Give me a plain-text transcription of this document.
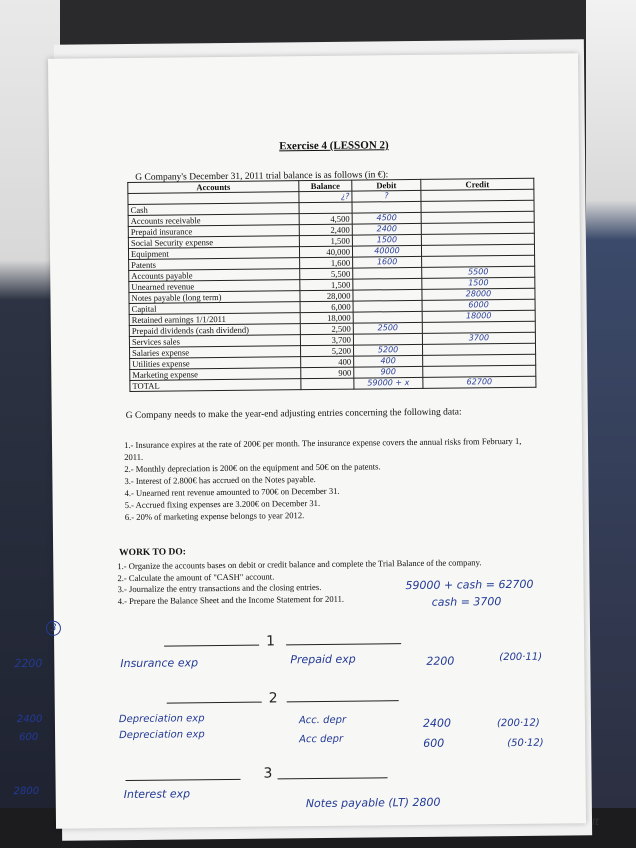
Exercise 4 (LESSON 2)
G Company's December 31, 2011 trial balance is as follows (in €):
Accounts	Balance	Debit	Credit
	¿?	?	
Cash			
Accounts receivable	4,500	4500	
Prepaid insurance	2,400	2400	
Social Security expense	1,500	1500	
Equipment	40,000	40000	
Patents	1,600	1600	
Accounts payable	5,500		5500
Unearned revenue	1,500		1500
Notes payable (long term)	28,000		28000
Capital	6,000		6000
Retained earnings 1/1/2011	18,000		18000
Prepaid dividends (cash dividend)	2,500	2500	
Services sales	3,700		3700
Salaries expense	5,200	5200	
Utilities expense	400	400	
Marketing expense	900	900	
TOTAL		59000 + x	62700
G Company needs to make the year-end adjusting entries concerning the following data:
1.- Insurance expires at the rate of 200€ per month. The insurance expense covers the annual risks from February 1, 2011.
2.- Monthly depreciation is 200€ on the equipment and 50€ on the patents.
3.- Interest of 2.800€ has accrued on the Notes payable.
4.- Unearned rent revenue amounted to 700€ on December 31.
5.- Accrued fixing expenses are 3.200€ on December 31.
6.- 20% of marketing expense belongs to year 2012.
WORK TO DO:
1.- Organize the accounts bases on debit or credit balance and complete the Trial Balance of the company.
2.- Calculate the amount of "CASH" account.
3.- Journalize the entry transactions and the closing entries.
4.- Prepare the Balance Sheet and the Income Statement for 2011.
59000 + cash = 62700
cash = 3700
3
1
2200	Insurance exp	Prepaid exp	2200	(200·11)
2
2400
600
Depreciation exp
Depreciation exp
Acc. depr
Acc depr
2400
600
(200·12)
(50·12)
3
2800	Interest exp
Notes payable (LT) 2800
It
